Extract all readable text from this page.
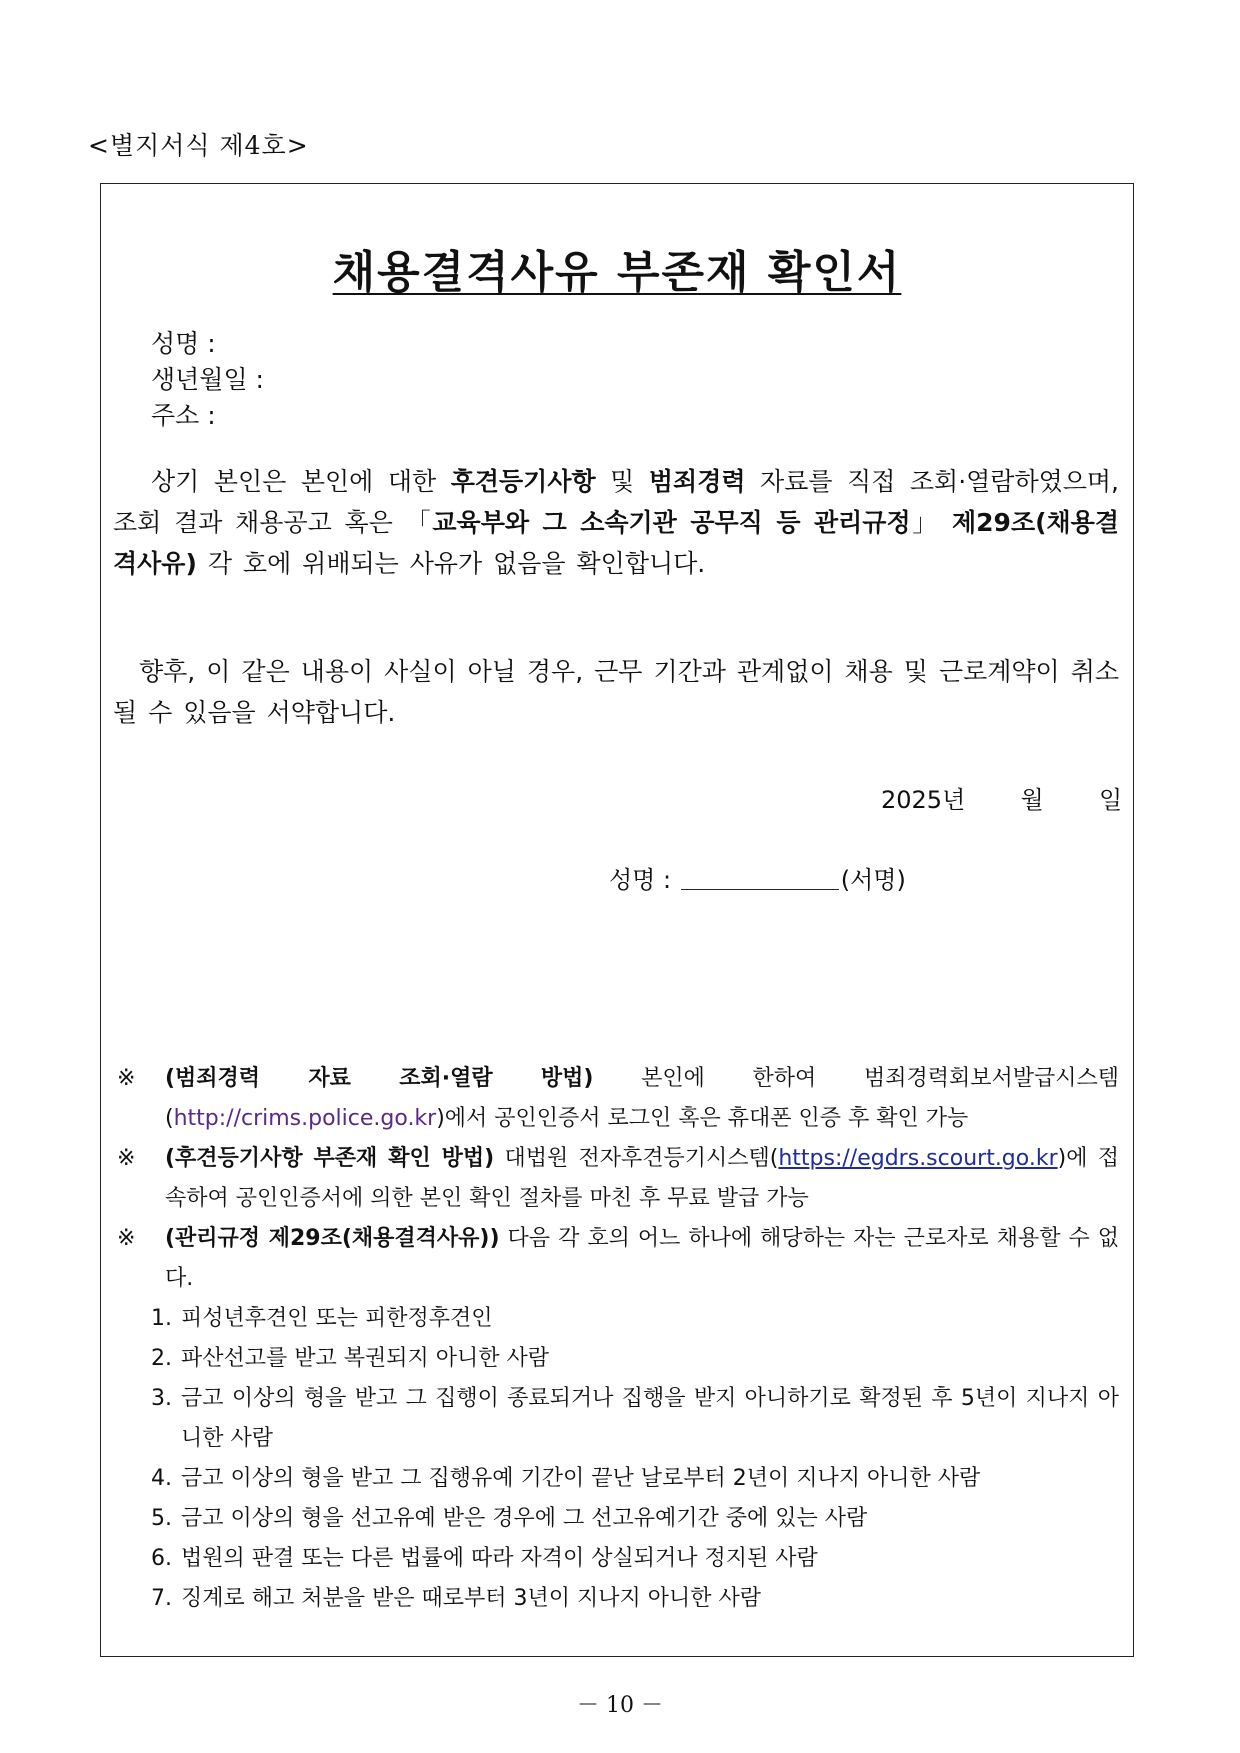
<별지서식 제4호>
채용결격사유 부존재 확인서
성명 :
생년월일 :
주소 :
상기 본인은 본인에 대한 후견등기사항 및 범죄경력 자료를 직접 조회·열람하였으며, 조회 결과 채용공고 혹은 「교육부와 그 소속기관 공무직 등 관리규정」 제29조(채용결격사유) 각 호에 위배되는 사유가 없음을 확인합니다.
향후, 이 같은 내용이 사실이 아닐 경우, 근무 기간과 관계없이 채용 및 근로계약이 취소 될 수 있음을 서약합니다.
2025년 월 일
성명 :	(서명)
※ (범죄경력 자료 조회·열람 방법) 본인에 한하여 범죄경력회보서발급시스템(http://crims.police.go.kr)에서 공인인증서 로그인 혹은 휴대폰 인증 후 확인 가능
※ (후견등기사항 부존재 확인 방법) 대법원 전자후견등기시스템(https://egdrs.scourt.go.kr)에 접속하여 공인인증서에 의한 본인 확인 절차를 마친 후 무료 발급 가능
※ (관리규정 제29조(채용결격사유)) 다음 각 호의 어느 하나에 해당하는 자는 근로자로 채용할 수 없다.
1. 피성년후견인 또는 피한정후견인
2. 파산선고를 받고 복권되지 아니한 사람
3. 금고 이상의 형을 받고 그 집행이 종료되거나 집행을 받지 아니하기로 확정된 후 5년이 지나지 아니한 사람
4. 금고 이상의 형을 받고 그 집행유예 기간이 끝난 날로부터 2년이 지나지 아니한 사람
5. 금고 이상의 형을 선고유예 받은 경우에 그 선고유예기간 중에 있는 사람
6. 법원의 판결 또는 다른 법률에 따라 자격이 상실되거나 정지된 사람
7. 징계로 해고 처분을 받은 때로부터 3년이 지나지 아니한 사람
－ 10 －
